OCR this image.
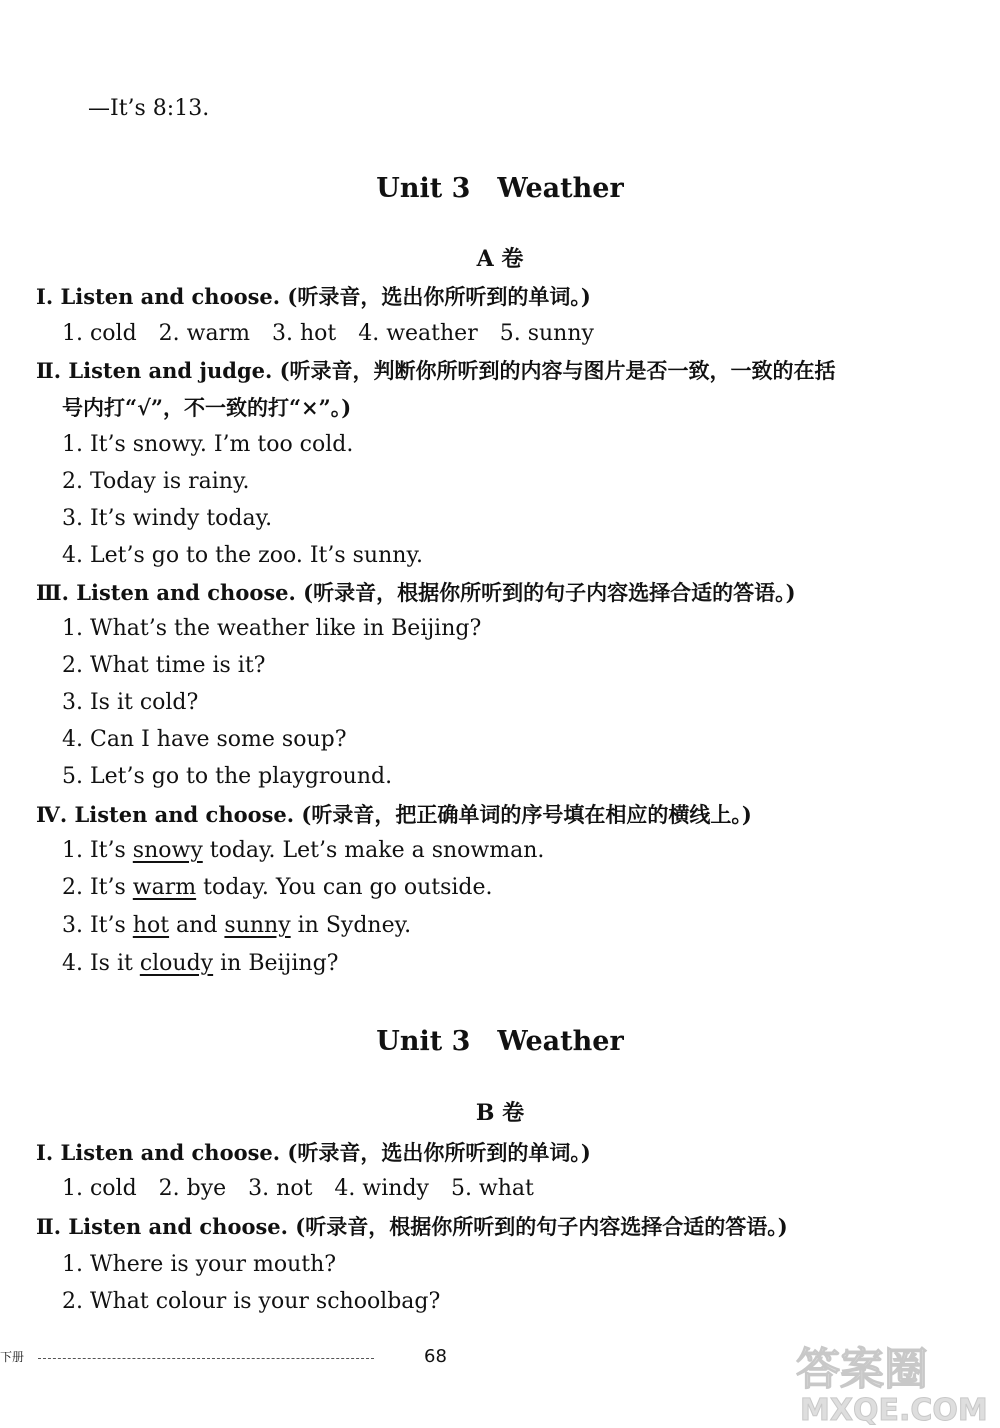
—It’s 8:13.
Unit 3　Weather
A 卷
Ⅰ. Listen and choose. (听录音，选出你所听到的单词。)
1. cold　2. warm　3. hot　4. weather　5. sunny
Ⅱ. Listen and judge. (听录音，判断你所听到的内容与图片是否一致，一致的在括
号内打“√”，不一致的打“×”。)
1. It’s snowy. I’m too cold.
2. Today is rainy.
3. It’s windy today.
4. Let’s go to the zoo. It’s sunny.
Ⅲ. Listen and choose. (听录音，根据你所听到的句子内容选择合适的答语。)
1. What’s the weather like in Beijing?
2. What time is it?
3. Is it cold?
4. Can I have some soup?
5. Let’s go to the playground.
Ⅳ. Listen and choose. (听录音，把正确单词的序号填在相应的横线上。)
1. It’s snowy today. Let’s make a snowman.
2. It’s warm today. You can go outside.
3. It’s hot and sunny in Sydney.
4. Is it cloudy in Beijing?
Unit 3　Weather
B 卷
Ⅰ. Listen and choose. (听录音，选出你所听到的单词。)
1. cold　2. bye　3. not　4. windy　5. what
Ⅱ. Listen and choose. (听录音，根据你所听到的句子内容选择合适的答语。)
1. Where is your mouth?
2. What colour is your schoolbag?
下册	68	答案圈
MXQE.COM
